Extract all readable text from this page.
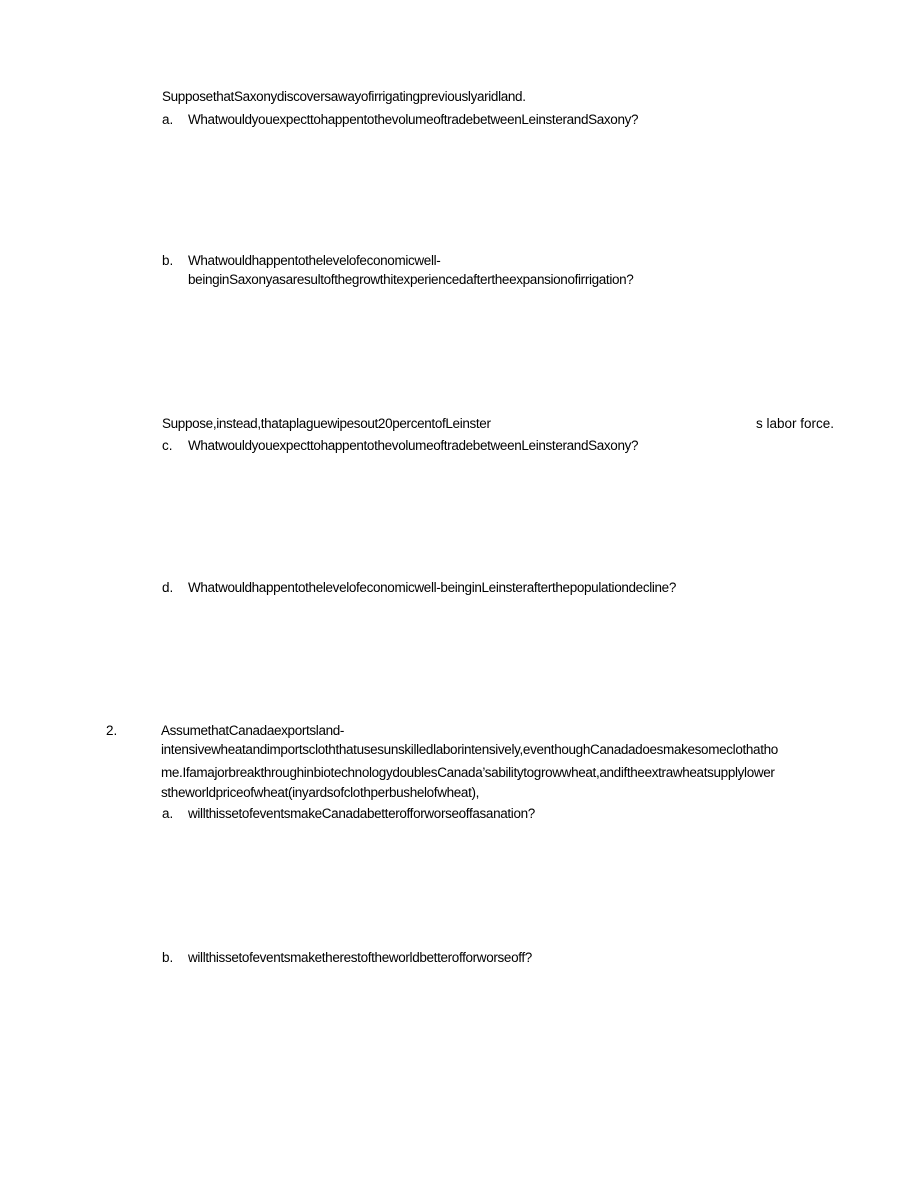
SupposethatSaxonydiscoversawayofirrigatingpreviouslyaridland.
a. WhatwouldyouexpecttohappentothevolumeoftradebetweenLeinsterandSaxony?
b. Whatwouldhappentothelevelofeconomicwell-
beinginSaxonyasaresultofthegrowthitexperiencedaftertheexpansionofirrigation?
Suppose,instead,thataplaguewipesout20percentofLeinster	s labor force.
c. WhatwouldyouexpecttohappentothevolumeoftradebetweenLeinsterandSaxony?
d. Whatwouldhappentothelevelofeconomicwell-beinginLeinsterafterthepopulationdecline?
2.	AssumethatCanadaexportsland-
intensivewheatandimportscloththatusesunskilledlaborintensively,eventhoughCanadadoesmakesomeclothatho
me.IfamajorbreakthroughinbiotechnologydoublesCanada’sabilitytogrowwheat,andiftheextrawheatsupplylower
stheworldpriceofwheat(inyardsofclothperbushelofwheat),
a. willthissetofeventsmakeCanadabetterofforworseoffasanation?
b. willthissetofeventsmaketherestoftheworldbetterofforworseoff?
